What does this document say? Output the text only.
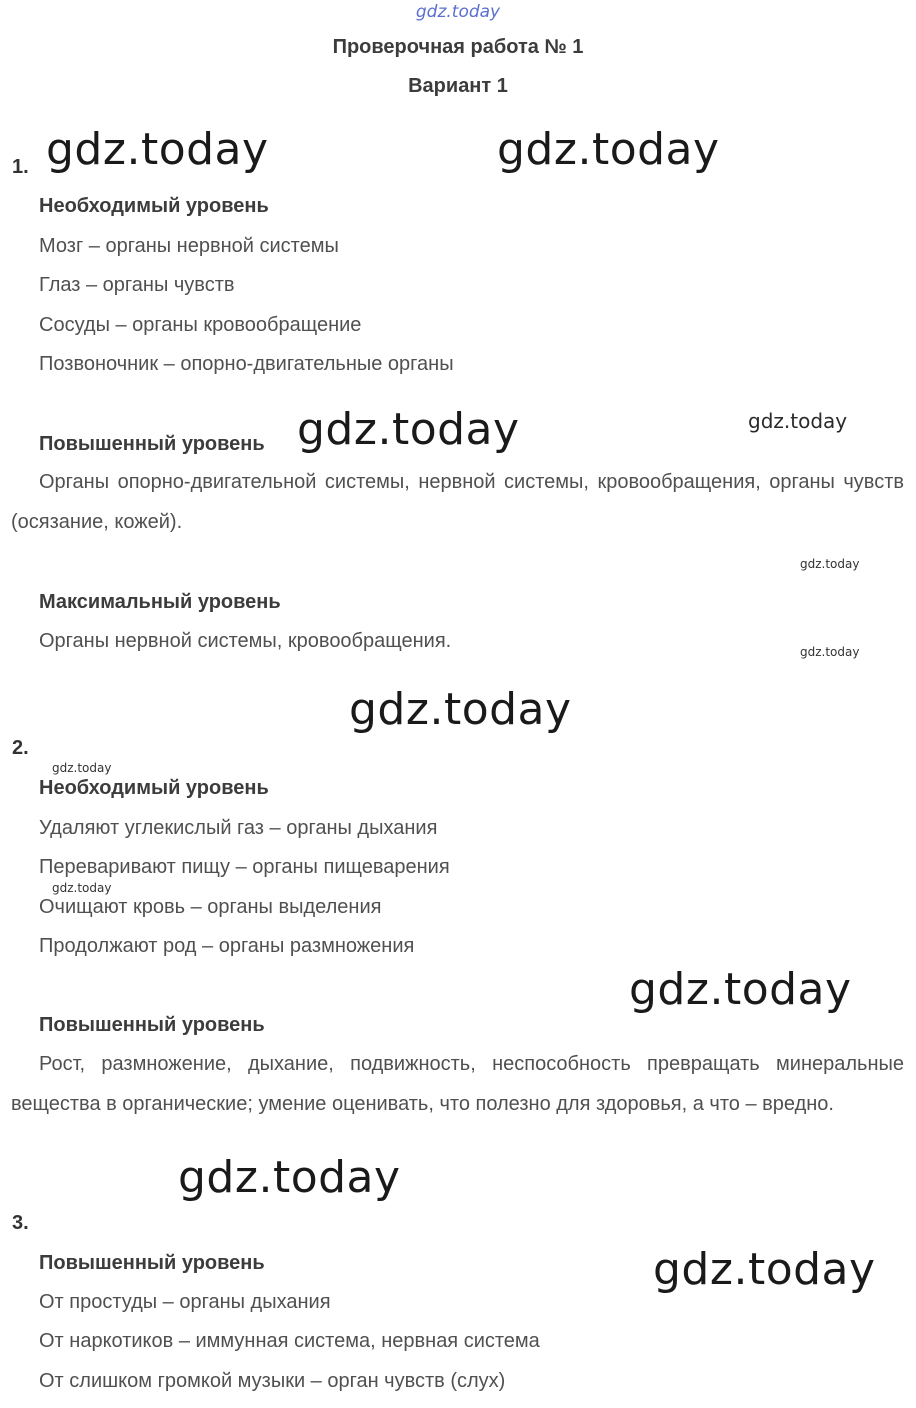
gdz.today
Проверочная работа № 1
Вариант 1
1. gdz.today	gdz.today
Необходимый уровень
Мозг – органы нервной системы
Глаз – органы чувств
Сосуды – органы кровообращение
Позвоночник – опорно-двигательные органы
Повышенный уровень gdz.today	gdz.today
Органы опорно-двигательной системы, нервной системы, кровообращения, органы чувств (осязание, кожей).
gdz.today
Максимальный уровень
Органы нервной системы, кровообращения.	gdz.today
gdz.today
2.
gdz.today
Необходимый уровень
Удаляют углекислый газ – органы дыхания
Переваривают пищу – органы пищеварения
gdz.today
Очищают кровь – органы выделения
Продолжают род – органы размножения
gdz.today
Повышенный уровень
Рост, размножение, дыхание, подвижность, неспособность превращать минеральные вещества в органические; умение оценивать, что полезно для здоровья, а что – вредно.
gdz.today
3.
Повышенный уровень	gdz.today
От простуды – органы дыхания
От наркотиков – иммунная система, нервная система
От слишком громкой музыки – орган чувств (слух)
